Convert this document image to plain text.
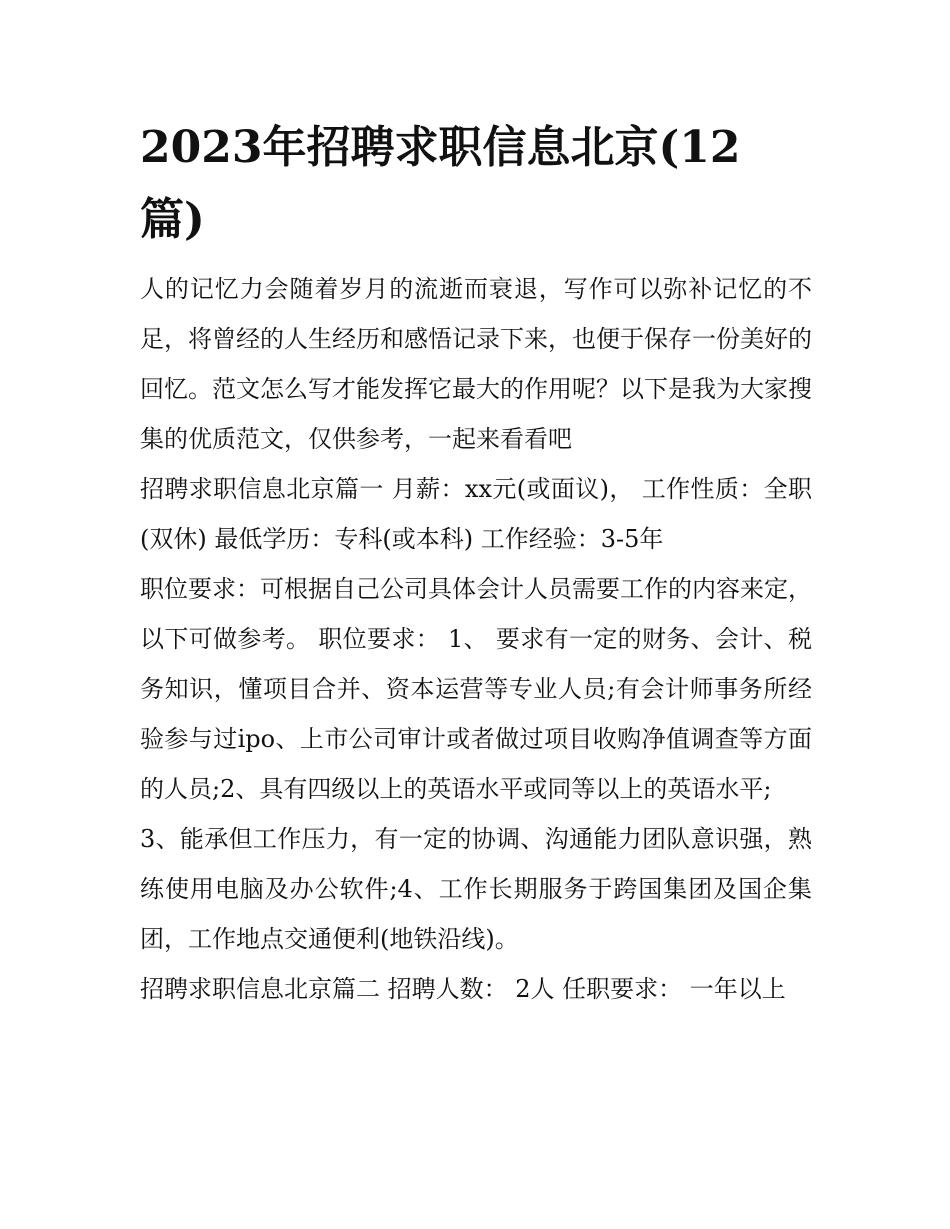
2023年招聘求职信息北京(12篇)

人的记忆力会随着岁月的流逝而衰退，写作可以弥补记忆的不足，将曾经的人生经历和感悟记录下来，也便于保存一份美好的回忆。范文怎么写才能发挥它最大的作用呢？以下是我为大家搜集的优质范文，仅供参考，一起来看看吧

招聘求职信息北京篇一 月薪：xx元(或面议)， 工作性质：全职(双休) 最低学历：专科(或本科) 工作经验：3-5年

职位要求：可根据自己公司具体会计人员需要工作的内容来定，以下可做参考。 职位要求： 1、 要求有一定的财务、会计、税务知识，懂项目合并、资本运营等专业人员;有会计师事务所经验参与过ipo、上市公司审计或者做过项目收购净值调查等方面的人员;2、具有四级以上的英语水平或同等以上的英语水平;

3、能承但工作压力，有一定的协调、沟通能力团队意识强，熟练使用电脑及办公软件;4、工作长期服务于跨国集团及国企集团，工作地点交通便利(地铁沿线)。

招聘求职信息北京篇二 招聘人数： 2人 任职要求： 一年以上
